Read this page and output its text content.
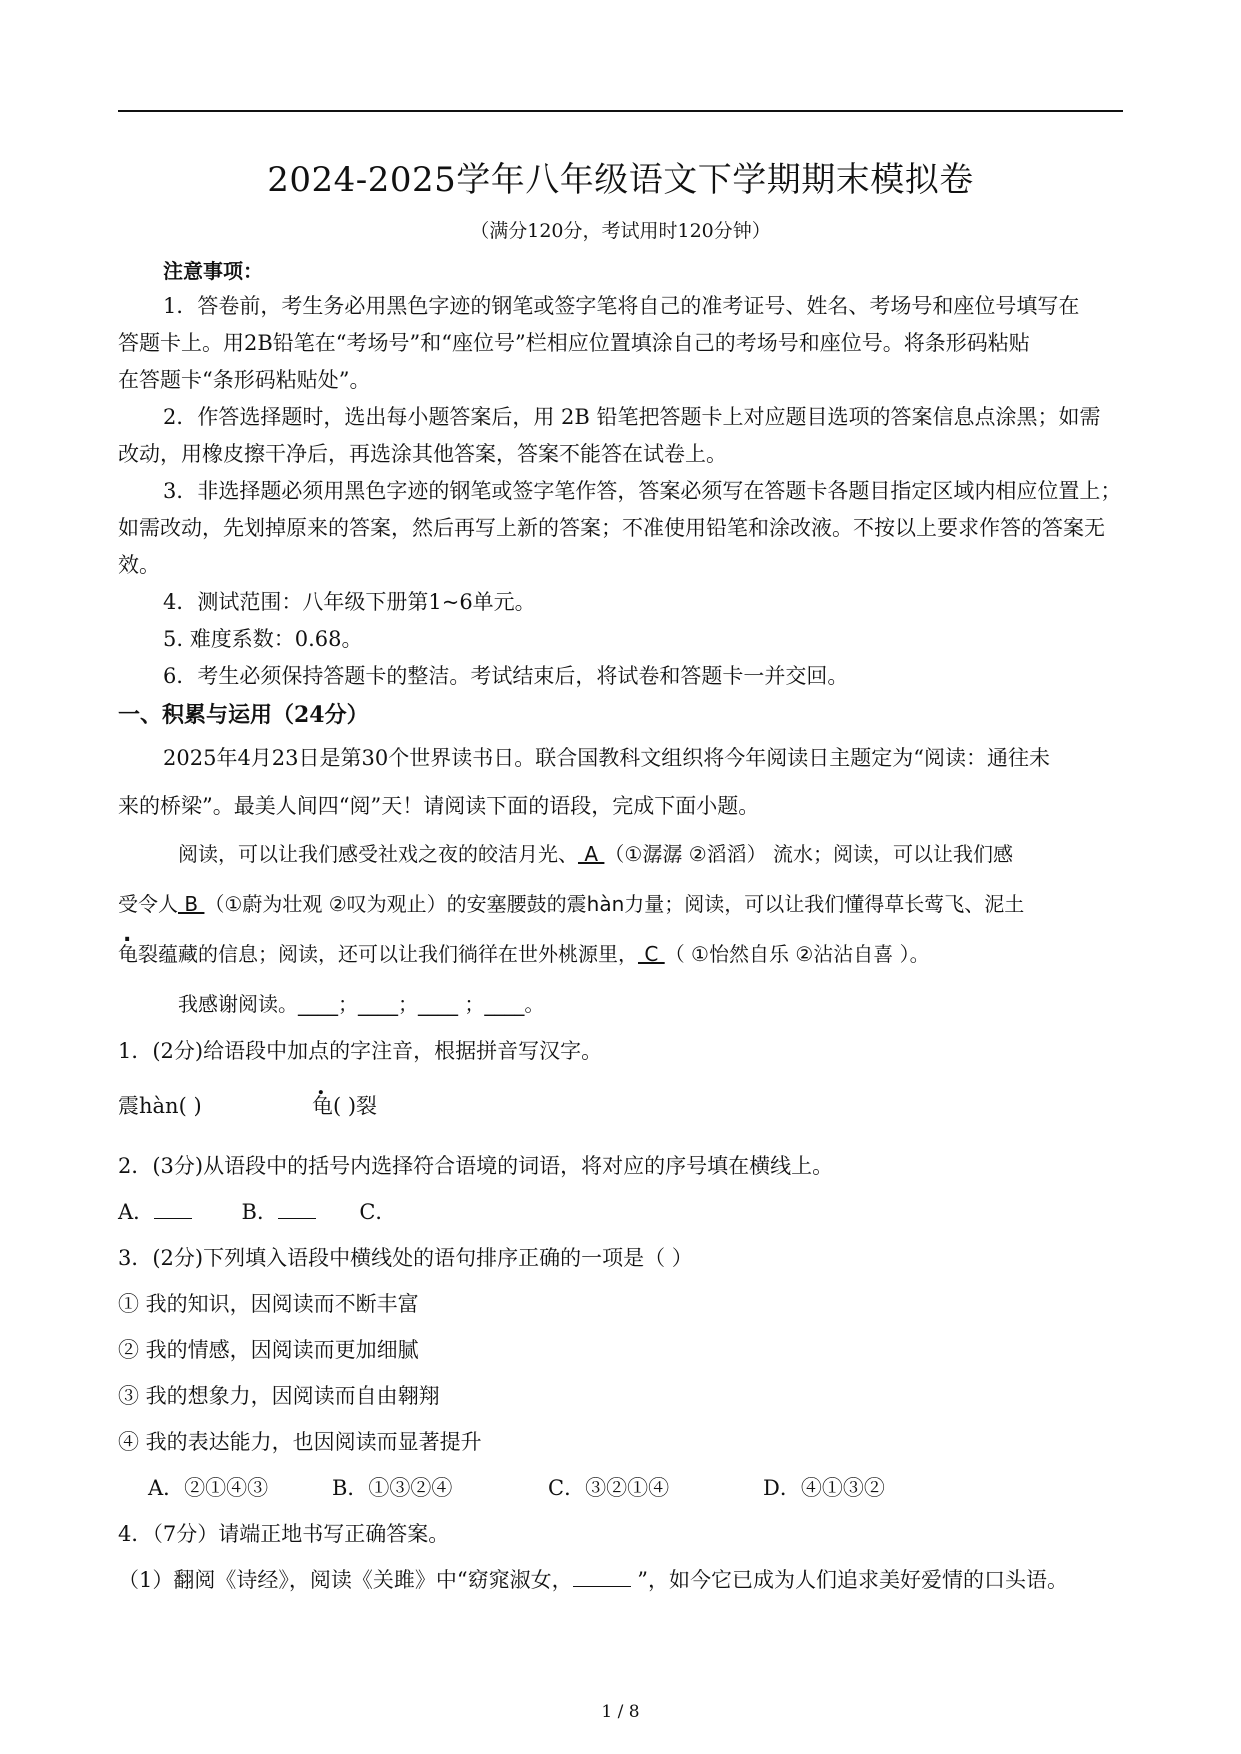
2024-2025学年八年级语文下学期期末模拟卷
（满分120分，考试用时120分钟）
注意事项：
1．答卷前，考生务必用黑色字迹的钢笔或签字笔将自己的准考证号、姓名、考场号和座位号填写在
答题卡上。用2B铅笔在“考场号”和“座位号”栏相应位置填涂自己的考场号和座位号。将条形码粘贴
在答题卡“条形码粘贴处”。
2．作答选择题时，选出每小题答案后，用 2B 铅笔把答题卡上对应题目选项的答案信息点涂黑；如需
改动，用橡皮擦干净后，再选涂其他答案，答案不能答在试卷上。
3．非选择题必须用黑色字迹的钢笔或签字笔作答，答案必须写在答题卡各题目指定区域内相应位置上；
如需改动，先划掉原来的答案，然后再写上新的答案；不准使用铅笔和涂改液。不按以上要求作答的答案无
效。
4．测试范围：八年级下册第1~6单元。
5. 难度系数：0.68。
6．考生必须保持答题卡的整洁。考试结束后，将试卷和答题卡一并交回。
一、积累与运用（24分）
2025年4月23日是第30个世界读书日。联合国教科文组织将今年阅读日主题定为“阅读：通往未
来的桥梁”。最美人间四“阅”天！请阅读下面的语段，完成下面小题。
阅读，可以让我们感受社戏之夜的皎洁月光、 A （①潺潺 ②滔滔） 流水；阅读，可以让我们感
受令人 B （①蔚为壮观 ②叹为观止）的安塞腰鼓的震hàn力量；阅读，可以让我们懂得草长莺飞、泥土
龟裂蕴藏的信息；阅读，还可以让我们徜徉在世外桃源里， C （ ①怡然自乐 ②沾沾自喜 ）。
我感谢阅读。____；____；____ ；____。
1．(2分)给语段中加点的字注音，根据拼音写汉字。
震hàn( )	龟( )裂
2．(3分)从语段中的括号内选择符合语境的词语，将对应的序号填在横线上。
A．	B．	C．
3．(2分)下列填入语段中横线处的语句排序正确的一项是（ ）
① 我的知识，因阅读而不断丰富
② 我的情感，因阅读而更加细腻
③ 我的想象力，因阅读而自由翱翔
④ 我的表达能力，也因阅读而显著提升
A．②①④③	B．①③②④	C．③②①④	D．④①③②
4．（7分）请端正地书写正确答案。
（1）翻阅《诗经》，阅读《关雎》中“窈窕淑女，	”，如今它已成为人们追求美好爱情的口头语。
1 / 8
